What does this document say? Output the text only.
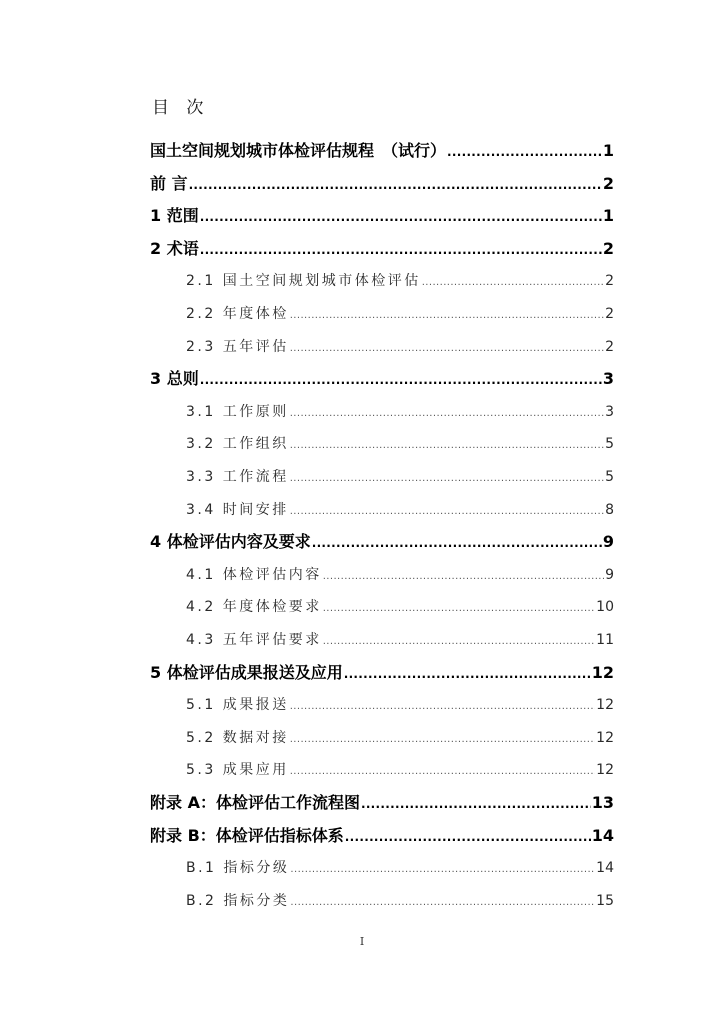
目 次
国土空间规划城市体检评估规程　（试行） .....	1
前 言 .....	2
1 范围 .....	1
2 术语 .....	2
2.1 国土空间规划城市体检评估 .....	2
2.2 年度体检 .....	2
2.3 五年评估 .....	2
3 总则 .....	3
3.1 工作原则 .....	3
3.2 工作组织 .....	5
3.3 工作流程 .....	5
3.4 时间安排 .....	8
4 体检评估内容及要求 .....	9
4.1 体检评估内容 .....	9
4.2 年度体检要求 .....	10
4.3 五年评估要求 .....	11
5 体检评估成果报送及应用 .....	12
5.1 成果报送 .....	12
5.2 数据对接 .....	12
5.3 成果应用 .....	12
附录 A：体检评估工作流程图 .....	13
附录 B：体检评估指标体系 .....	14
B.1 指标分级 .....	14
B.2 指标分类 .....	15
I
